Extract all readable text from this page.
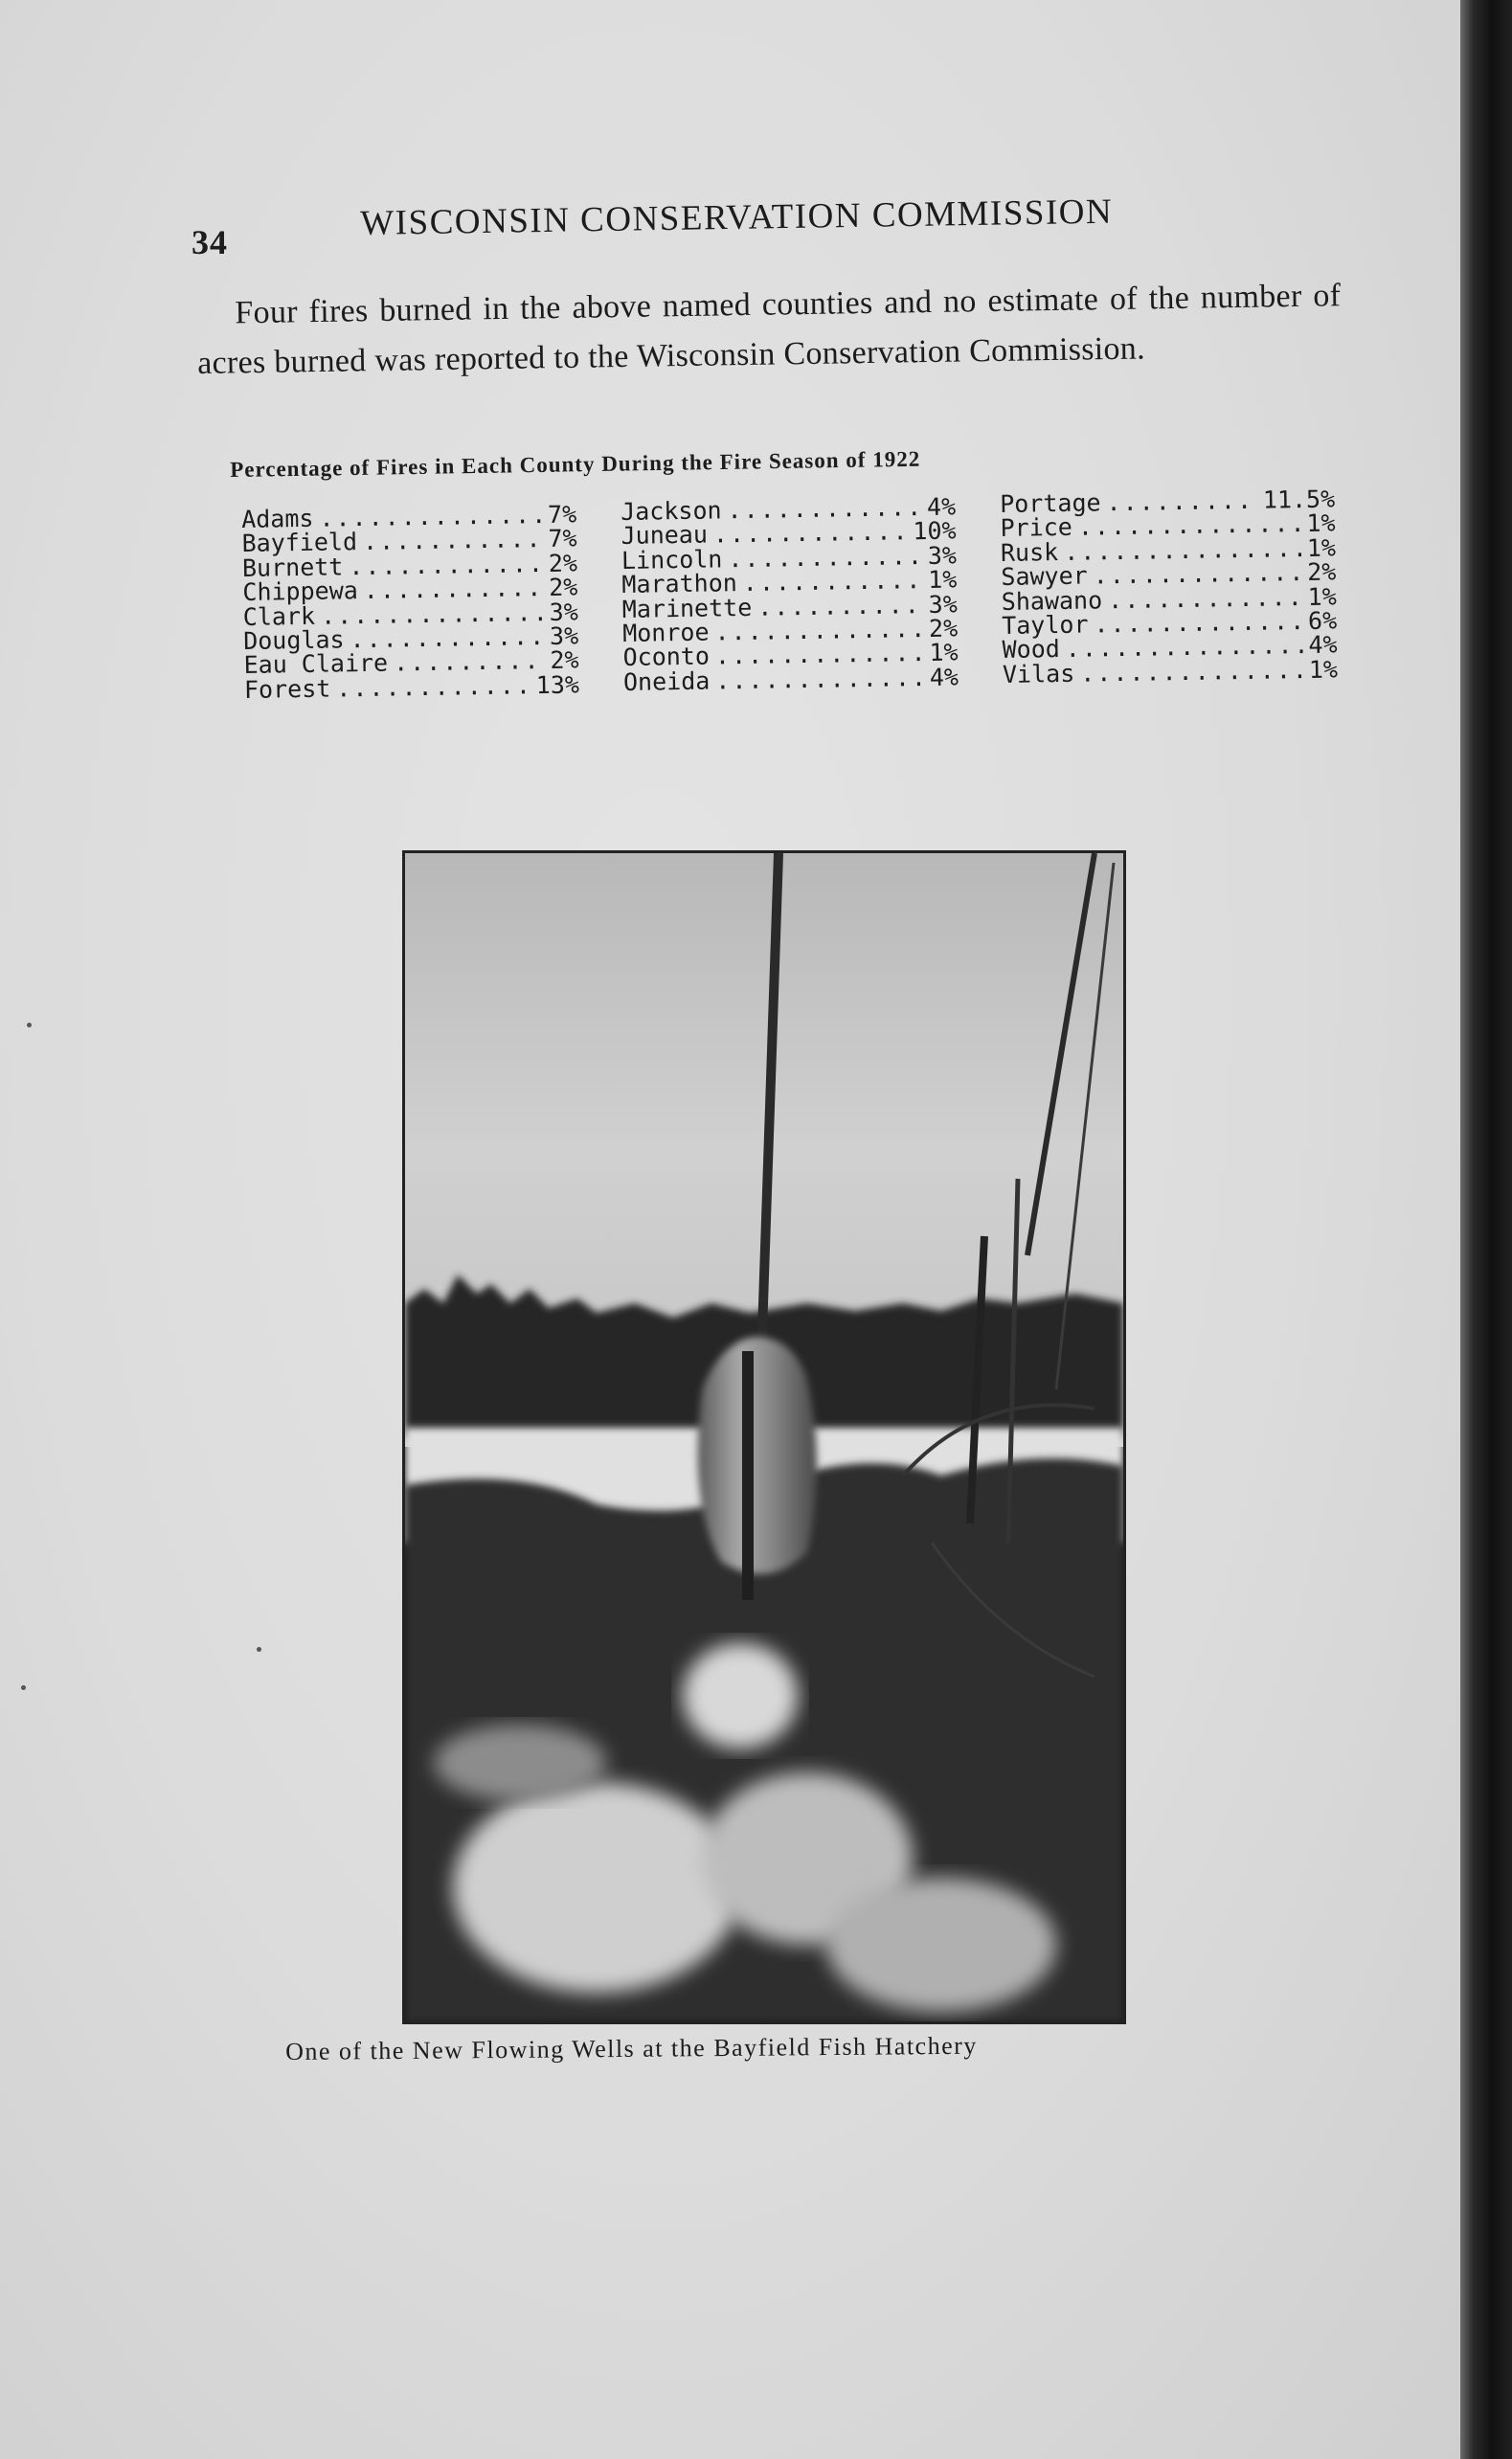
34	WISCONSIN CONSERVATION COMMISSION
Four fires burned in the above named counties and no estimate of the number of acres burned was reported to the Wisconsin Conservation Commission.
Percentage of Fires in Each County During the Fire Season of 1922
Adams .....	7%
Bayfield .....	7%
Burnett .....	2%
Chippewa .....	2%
Clark .....	3%
Douglas .....	3%
Eau Claire .....	2%
Forest .....	13%
Jackson .....	4%
Juneau .....	10%
Lincoln .....	3%
Marathon .....	1%
Marinette .....	3%
Monroe .....	2%
Oconto .....	1%
Oneida .....	4%
Portage .....	11.5%
Price .....	1%
Rusk .....	1%
Sawyer .....	2%
Shawano .....	1%
Taylor .....	6%
Wood .....	4%
Vilas .....	1%
One of the New Flowing Wells at the Bayfield Fish Hatchery
